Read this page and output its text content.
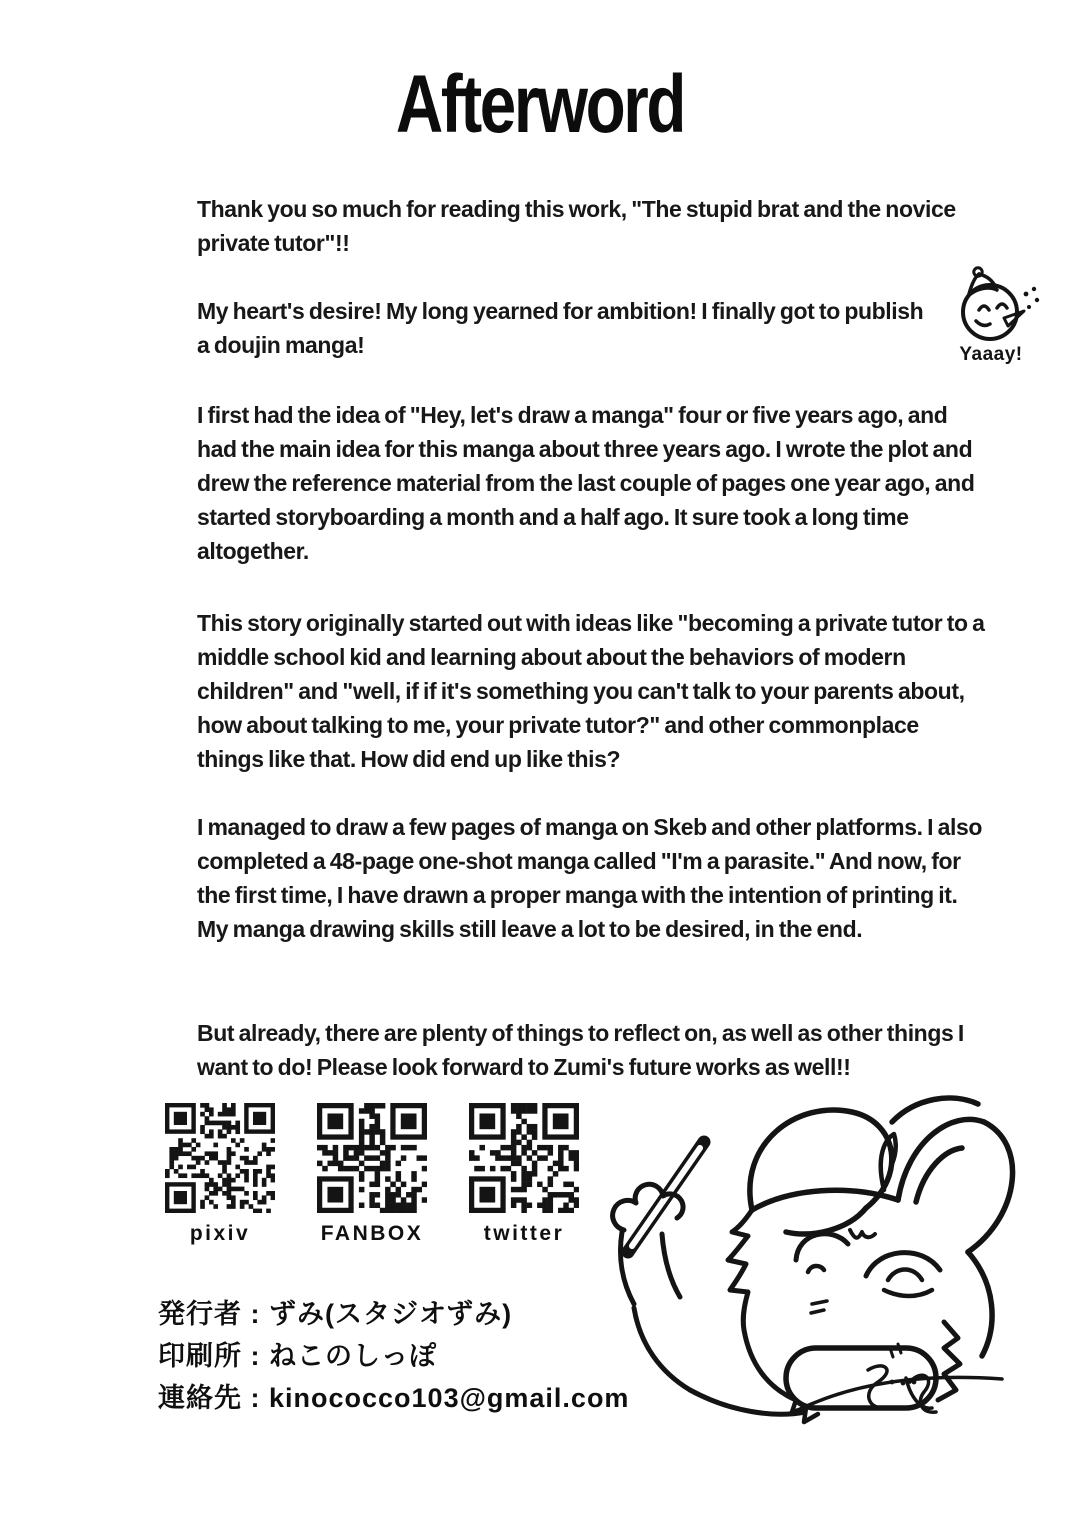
Afterword
Thank you so much for reading this work, "The stupid brat and the novice private tutor"!!
My heart's desire! My long yearned for ambition! I finally got to publish a doujin manga!
I first had the idea of "Hey, let's draw a manga" four or five years ago, and had the main idea for this manga about three years ago. I wrote the plot and drew the reference material from the last couple of pages one year ago, and started storyboarding a month and a half ago. It sure took a long time altogether.
This story originally started out with ideas like "becoming a private tutor to a middle school kid and learning about about the behaviors of modern children" and "well, if if it's something you can't talk to your parents about, how about talking to me, your private tutor?" and other commonplace things like that. How did end up like this?
I managed to draw a few pages of manga on Skeb and other platforms. I also completed a 48-page one-shot manga called "I'm a parasite." And now, for the first time, I have drawn a proper manga with the intention of printing it. My manga drawing skills still leave a lot to be desired, in the end.
But already, there are plenty of things to reflect on, as well as other things I want to do! Please look forward to Zumi's future works as well!!
Yaaay!
pixiv	FANBOX	twitter
発行者 : ずみ(スタジオずみ)
印刷所 : ねこのしっぽ
連絡先 : kinococco103@gmail.com
